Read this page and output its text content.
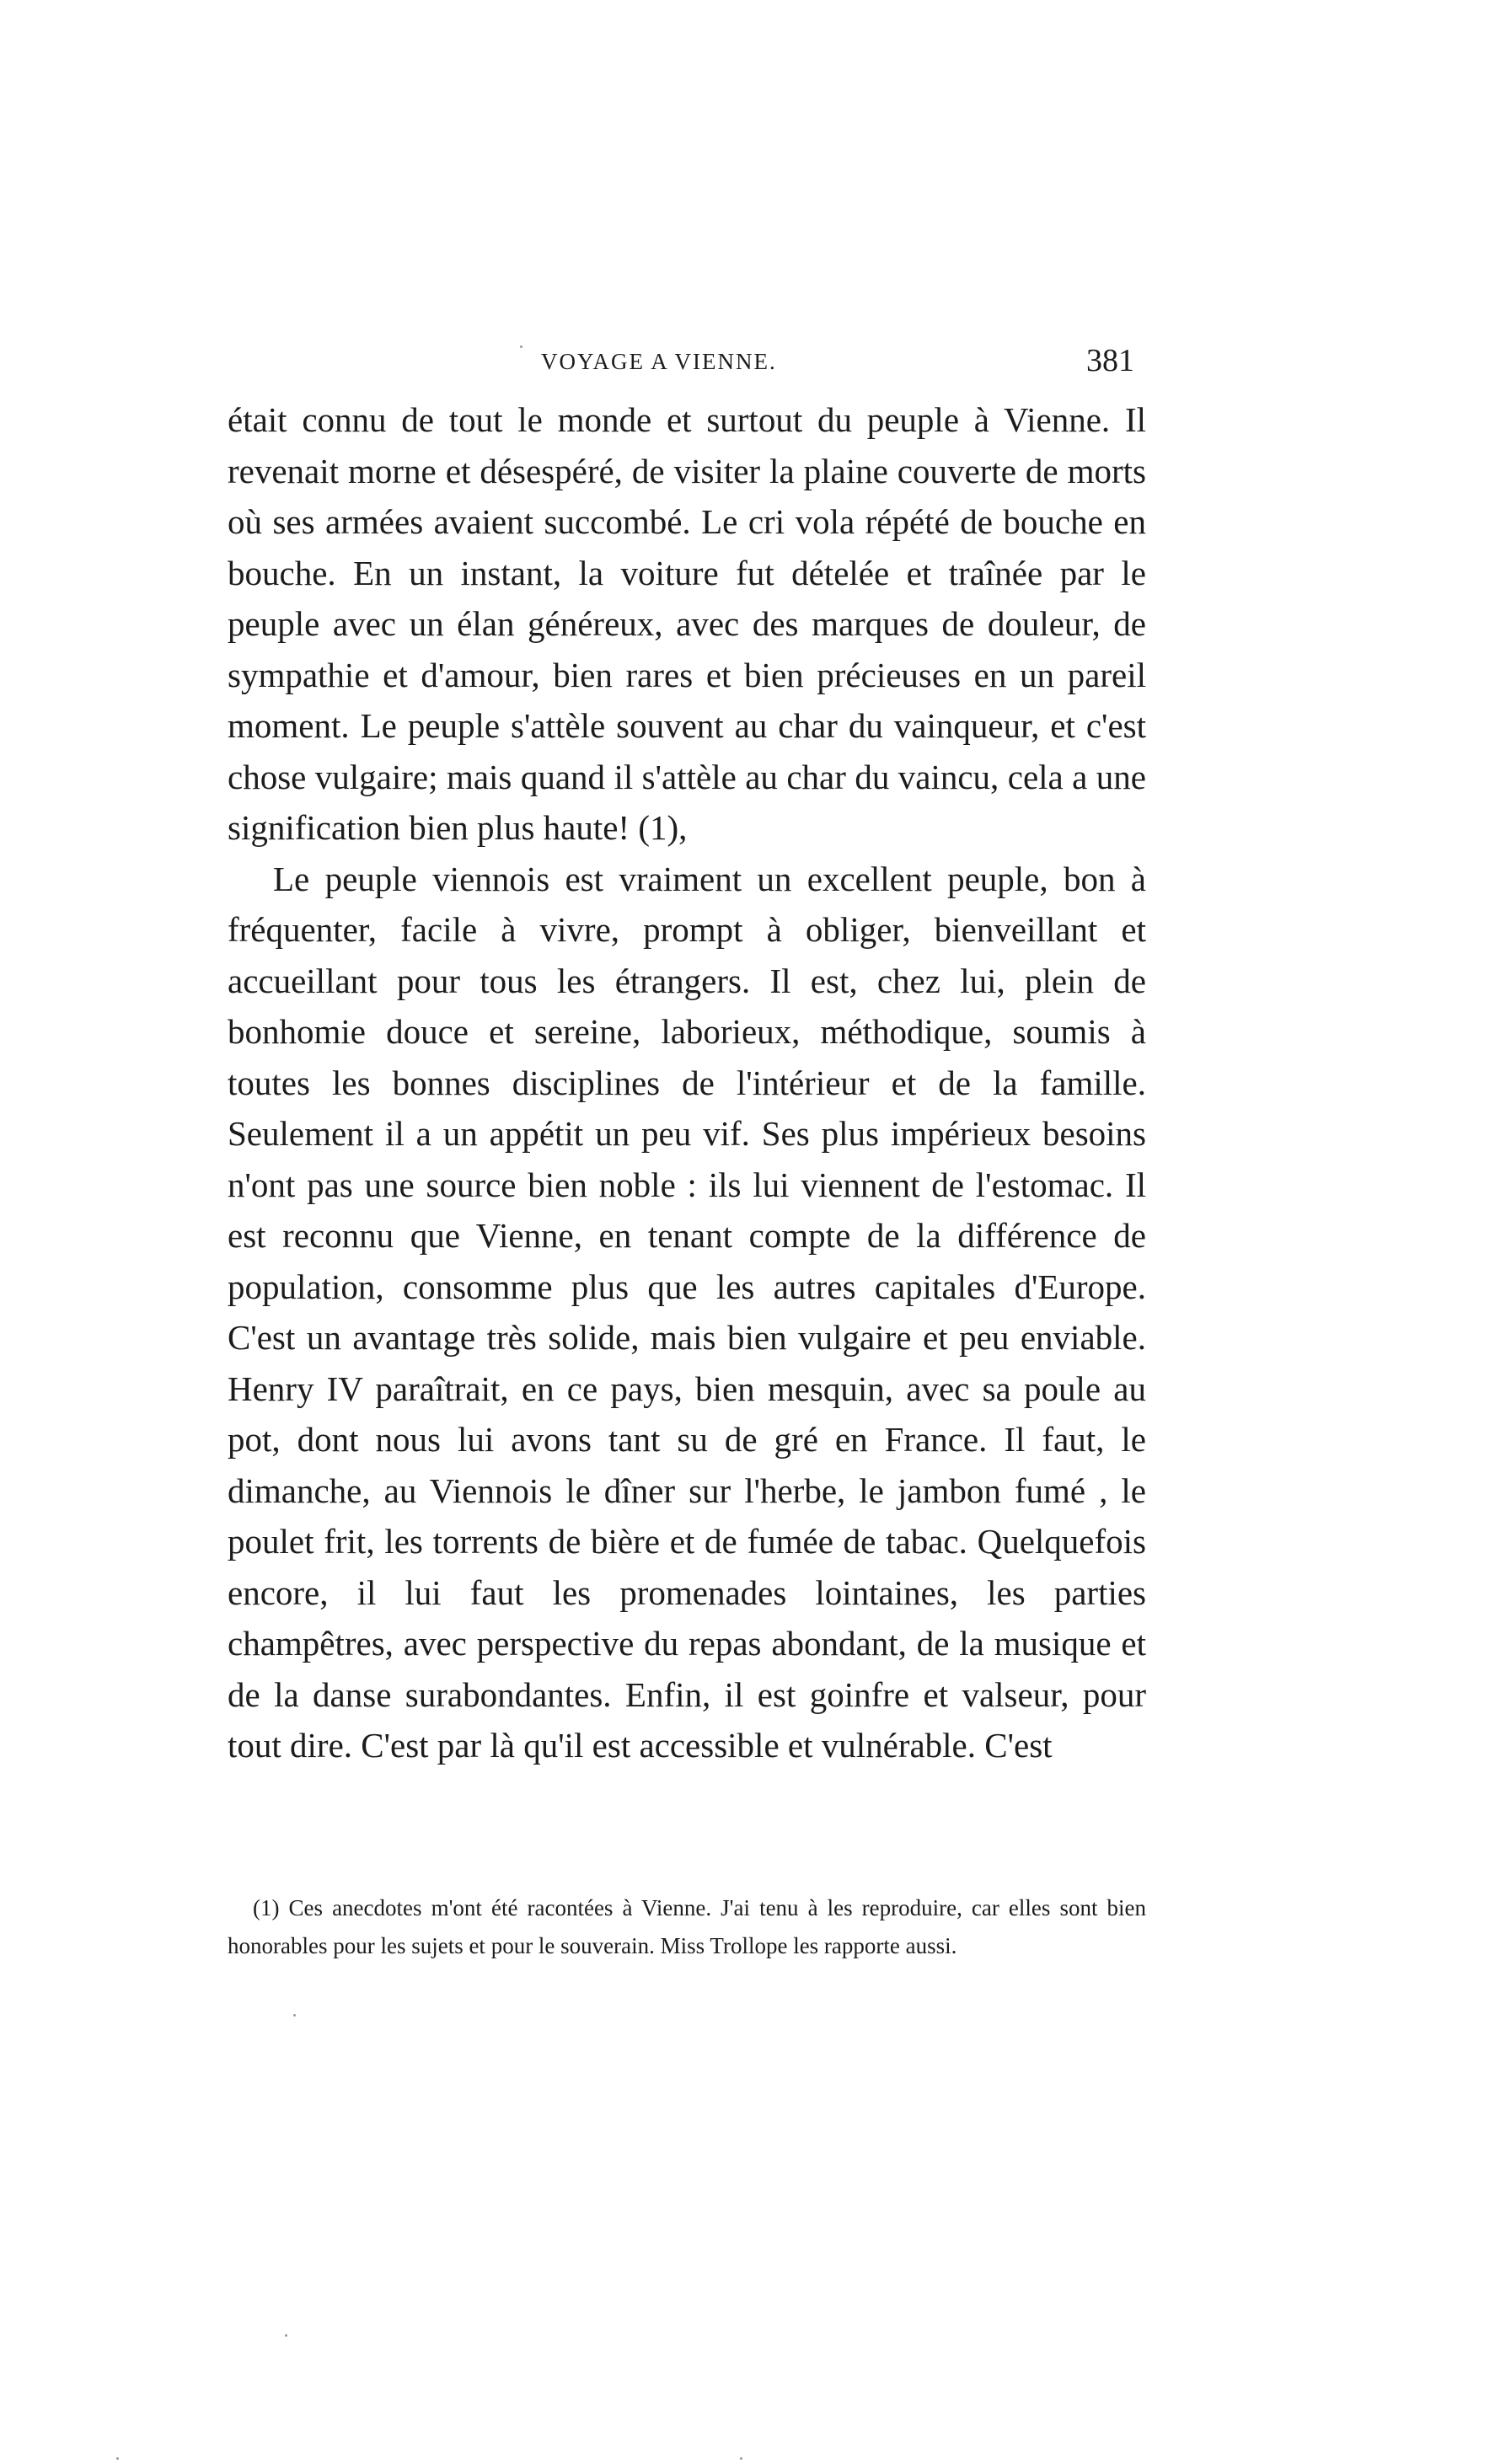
VOYAGE A VIENNE.	381

était connu de tout le monde et surtout du peuple à Vienne. Il revenait morne et désespéré, de visiter la plaine couverte de morts où ses armées avaient succombé. Le cri vola répété de bouche en bouche. En un instant, la voiture fut dételée et traînée par le peuple avec un élan généreux, avec des marques de douleur, de sympathie et d'amour, bien rares et bien précieuses en un pareil moment. Le peuple s'attèle souvent au char du vainqueur, et c'est chose vulgaire; mais quand il s'attèle au char du vaincu, cela a une signification bien plus haute! (1),

Le peuple viennois est vraiment un excellent peuple, bon à fréquenter, facile à vivre, prompt à obliger, bienveillant et accueillant pour tous les étrangers. Il est, chez lui, plein de bonhomie douce et sereine, laborieux, méthodique, soumis à toutes les bonnes disciplines de l'intérieur et de la famille. Seulement il a un appétit un peu vif. Ses plus impérieux besoins n'ont pas une source bien noble : ils lui viennent de l'estomac. Il est reconnu que Vienne, en tenant compte de la différence de population, consomme plus que les autres capitales d'Europe. C'est un avantage très solide, mais bien vulgaire et peu enviable. Henry IV paraîtrait, en ce pays, bien mesquin, avec sa poule au pot, dont nous lui avons tant su de gré en France. Il faut, le dimanche, au Viennois le dîner sur l'herbe, le jambon fumé , le poulet frit, les torrents de bière et de fumée de tabac. Quelquefois encore, il lui faut les promenades lointaines, les parties champêtres, avec perspective du repas abondant, de la musique et de la danse surabondantes. Enfin, il est goinfre et valseur, pour tout dire. C'est par là qu'il est accessible et vulnérable. C'est

(1) Ces anecdotes m'ont été racontées à Vienne. J'ai tenu à les reproduire, car elles sont bien honorables pour les sujets et pour le souverain. Miss Trollope les rapporte aussi.
